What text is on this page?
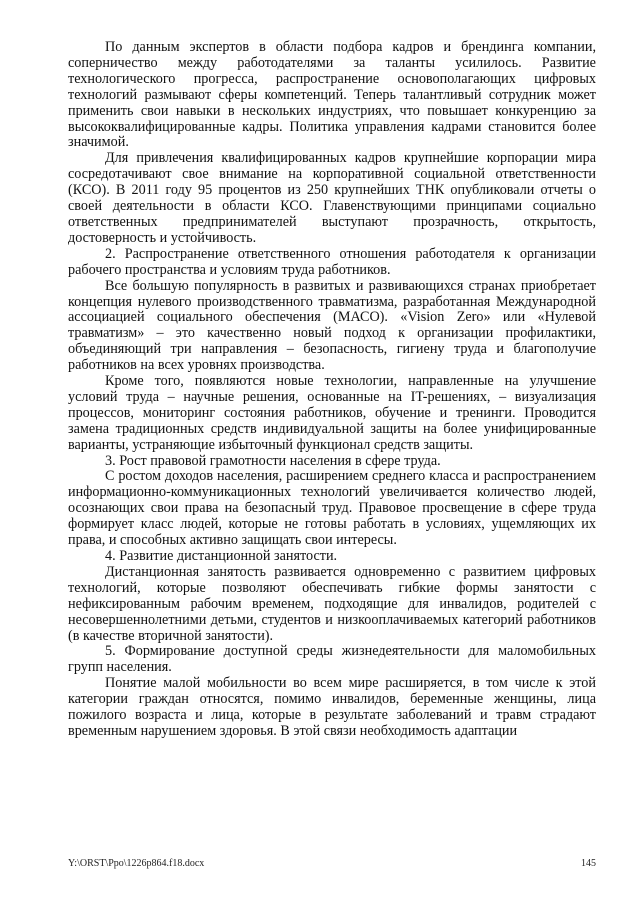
По данным экспертов в области подбора кадров и брендинга компании, соперничество между работодателями за таланты усилилось. Развитие технологического прогресса, распространение основополагающих цифровых технологий размывают сферы компетенций. Теперь талантливый сотрудник может применить свои навыки в нескольких индустриях, что повышает конкуренцию за высококвалифицированные кадры. Политика управления кадрами становится более значимой.

Для привлечения квалифицированных кадров крупнейшие корпорации мира сосредотачивают свое внимание на корпоративной социальной ответственности (КСО). В 2011 году 95 процентов из 250 крупнейших ТНК опубликовали отчеты о своей деятельности в области КСО. Главенствующими принципами социально ответственных предпринимателей выступают прозрачность, открытость, достоверность и устойчивость.

2. Распространение ответственного отношения работодателя к организации рабочего пространства и условиям труда работников.

Все большую популярность в развитых и развивающихся странах приобретает концепция нулевого производственного травматизма, разработанная Международной ассоциацией социального обеспечения (МАСО). «Vision Zero» или «Нулевой травматизм» – это качественно новый подход к организации профилактики, объединяющий три направления – безопасность, гигиену труда и благополучие работников на всех уровнях производства.

Кроме того, появляются новые технологии, направленные на улучшение условий труда – научные решения, основанные на IT-решениях, – визуализация процессов, мониторинг состояния работников, обучение и тренинги. Проводится замена традиционных средств индивидуальной защиты на более унифицированные варианты, устраняющие избыточный функционал средств защиты.

3. Рост правовой грамотности населения в сфере труда.

С ростом доходов населения, расширением среднего класса и распространением информационно-коммуникационных технологий увеличивается количество людей, осознающих свои права на безопасный труд. Правовое просвещение в сфере труда формирует класс людей, которые не готовы работать в условиях, ущемляющих их права, и способных активно защищать свои интересы.

4. Развитие дистанционной занятости.

Дистанционная занятость развивается одновременно с развитием цифровых технологий, которые позволяют обеспечивать гибкие формы занятости с нефиксированным рабочим временем, подходящие для инвалидов, родителей с несовершеннолетними детьми, студентов и низкооплачиваемых категорий работников (в качестве вторичной занятости).

5. Формирование доступной среды жизнедеятельности для маломобильных групп населения.

Понятие малой мобильности во всем мире расширяется, в том числе к этой категории граждан относятся, помимо инвалидов, беременные женщины, лица пожилого возраста и лица, которые в результате заболеваний и травм страдают временным нарушением здоровья. В этой связи необходимость адаптации

Y:\ORST\Ppo\1226p864.f18.docx	145
